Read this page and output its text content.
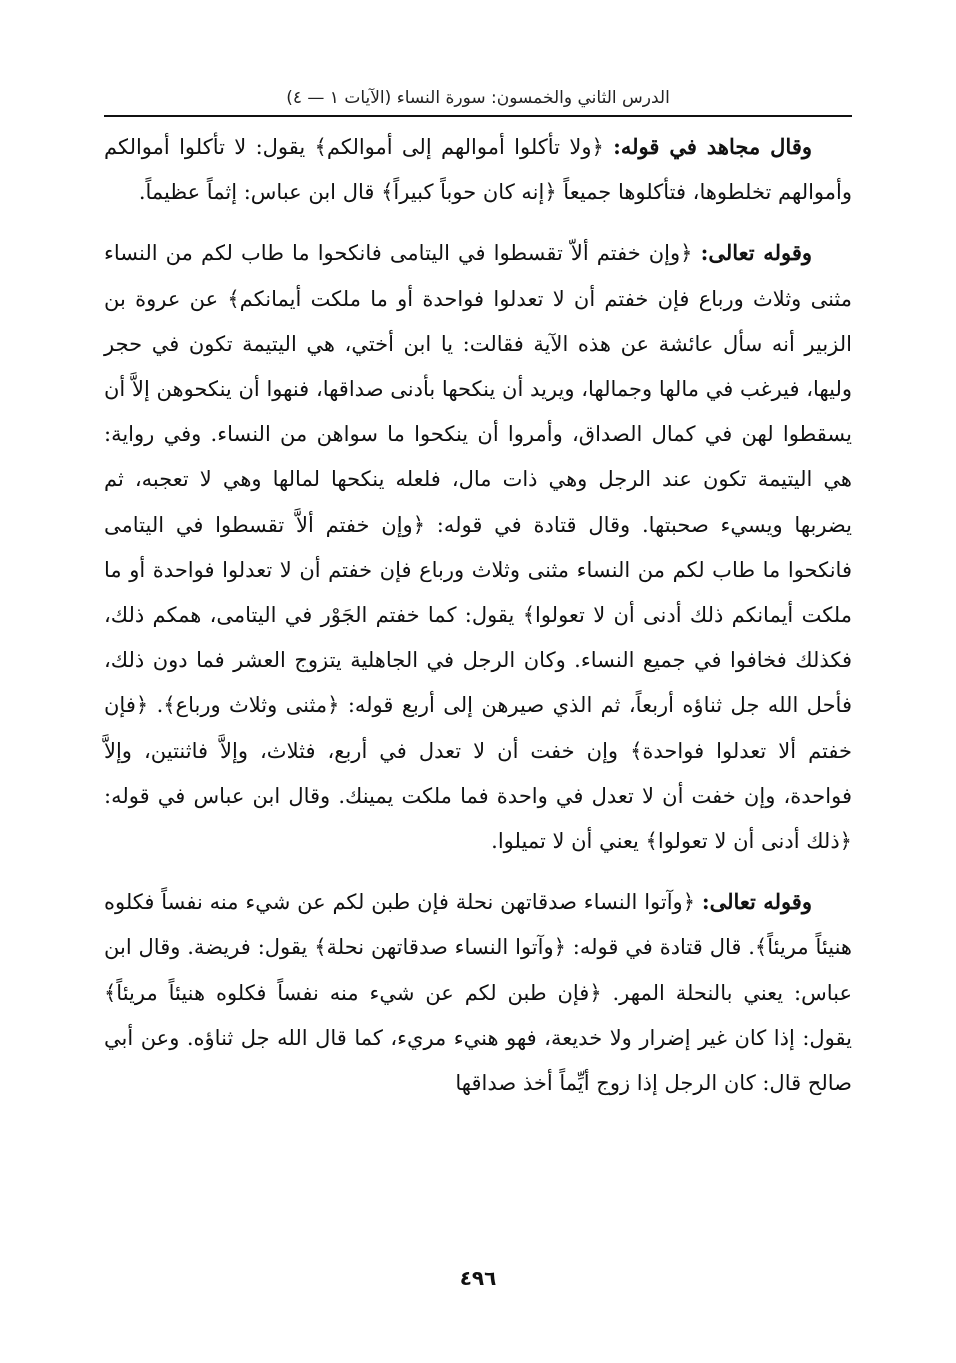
الدرس الثاني والخمسون: سورة النساء (الآيات ١ — ٤)

وقال مجاهد في قوله: ﴿ولا تأكلوا أموالهم إلى أموالكم﴾ يقول: لا تأكلوا أموالكم وأموالهم تخلطوها، فتأكلوها جميعاً ﴿إنه كان حوباً كبيراً﴾ قال ابن عباس: إثماً عظيماً.

وقوله تعالى: ﴿وإن خفتم ألاّ تقسطوا في اليتامى فانكحوا ما طاب لكم من النساء مثنى وثلاث ورباع فإن خفتم أن لا تعدلوا فواحدة أو ما ملكت أيمانكم﴾ عن عروة بن الزبير أنه سأل عائشة عن هذه الآية فقالت: يا ابن أختي، هي اليتيمة تكون في حجر وليها، فيرغب في مالها وجمالها، ويريد أن ينكحها بأدنى صداقها، فنهوا أن ينكحوهن إلاَّ أن يسقطوا لهن في كمال الصداق، وأمروا أن ينكحوا ما سواهن من النساء. وفي رواية: هي اليتيمة تكون عند الرجل وهي ذات مال، فلعله ينكحها لمالها وهي لا تعجبه، ثم يضربها ويسيء صحبتها. وقال قتادة في قوله: ﴿وإن خفتم ألاَّ تقسطوا في اليتامى فانكحوا ما طاب لكم من النساء مثنى وثلاث ورباع فإن خفتم أن لا تعدلوا فواحدة أو ما ملكت أيمانكم ذلك أدنى أن لا تعولوا﴾ يقول: كما خفتم الجَوْر في اليتامى، همكم ذلك، فكذلك فخافوا في جميع النساء. وكان الرجل في الجاهلية يتزوج العشر فما دون ذلك، فأحل الله جل ثناؤه أربعاً، ثم الذي صيرهن إلى أربع قوله: ﴿مثنى وثلاث ورباع﴾. ﴿فإن خفتم ألا تعدلوا فواحدة﴾ وإن خفت أن لا تعدل في أربع، فثلاث، وإلاَّ فاثنتين، وإلاَّ فواحدة، وإن خفت أن لا تعدل في واحدة فما ملكت يمينك. وقال ابن عباس في قوله: ﴿ذلك أدنى أن لا تعولوا﴾ يعني أن لا تميلوا.

وقوله تعالى: ﴿وآتوا النساء صدقاتهن نحلة فإن طبن لكم عن شيء منه نفساً فكلوه هنيئاً مريئاً﴾. قال قتادة في قوله: ﴿وآتوا النساء صدقاتهن نحلة﴾ يقول: فريضة. وقال ابن عباس: يعني بالنحلة المهر. ﴿فإن طبن لكم عن شيء منه نفساً فكلوه هنيئاً مريئاً﴾ يقول: إذا كان غير إضرار ولا خديعة، فهو هنيء مريء، كما قال الله جل ثناؤه. وعن أبي صالح قال: كان الرجل إذا زوج أيِّماً أخذ صداقها

٤٩٦
